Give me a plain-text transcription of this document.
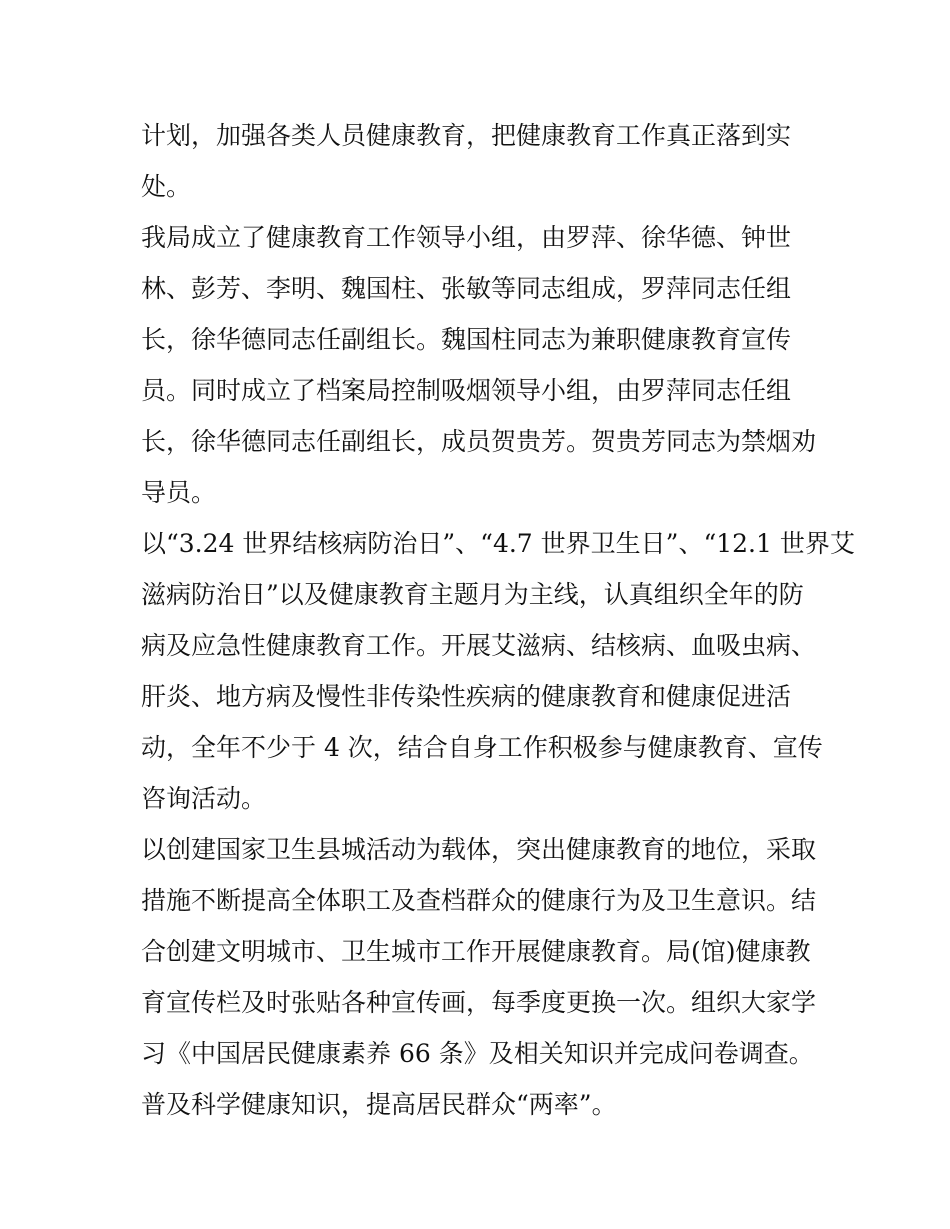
计划，加强各类人员健康教育，把健康教育工作真正落到实
处。
我局成立了健康教育工作领导小组，由罗萍、徐华德、钟世
林、彭芳、李明、魏国柱、张敏等同志组成，罗萍同志任组
长，徐华德同志任副组长。魏国柱同志为兼职健康教育宣传
员。同时成立了档案局控制吸烟领导小组，由罗萍同志任组
长，徐华德同志任副组长，成员贺贵芳。贺贵芳同志为禁烟劝
导员。
以“3.24 世界结核病防治日”、“4.7 世界卫生日”、“12.1 世界艾
滋病防治日”以及健康教育主题月为主线，认真组织全年的防
病及应急性健康教育工作。开展艾滋病、结核病、血吸虫病、
肝炎、地方病及慢性非传染性疾病的健康教育和健康促进活
动，全年不少于 4 次，结合自身工作积极参与健康教育、宣传
咨询活动。
以创建国家卫生县城活动为载体，突出健康教育的地位，采取
措施不断提高全体职工及查档群众的健康行为及卫生意识。结
合创建文明城市、卫生城市工作开展健康教育。局(馆)健康教
育宣传栏及时张贴各种宣传画，每季度更换一次。组织大家学
习《中国居民健康素养 66 条》及相关知识并完成问卷调查。
普及科学健康知识，提高居民群众“两率”。
